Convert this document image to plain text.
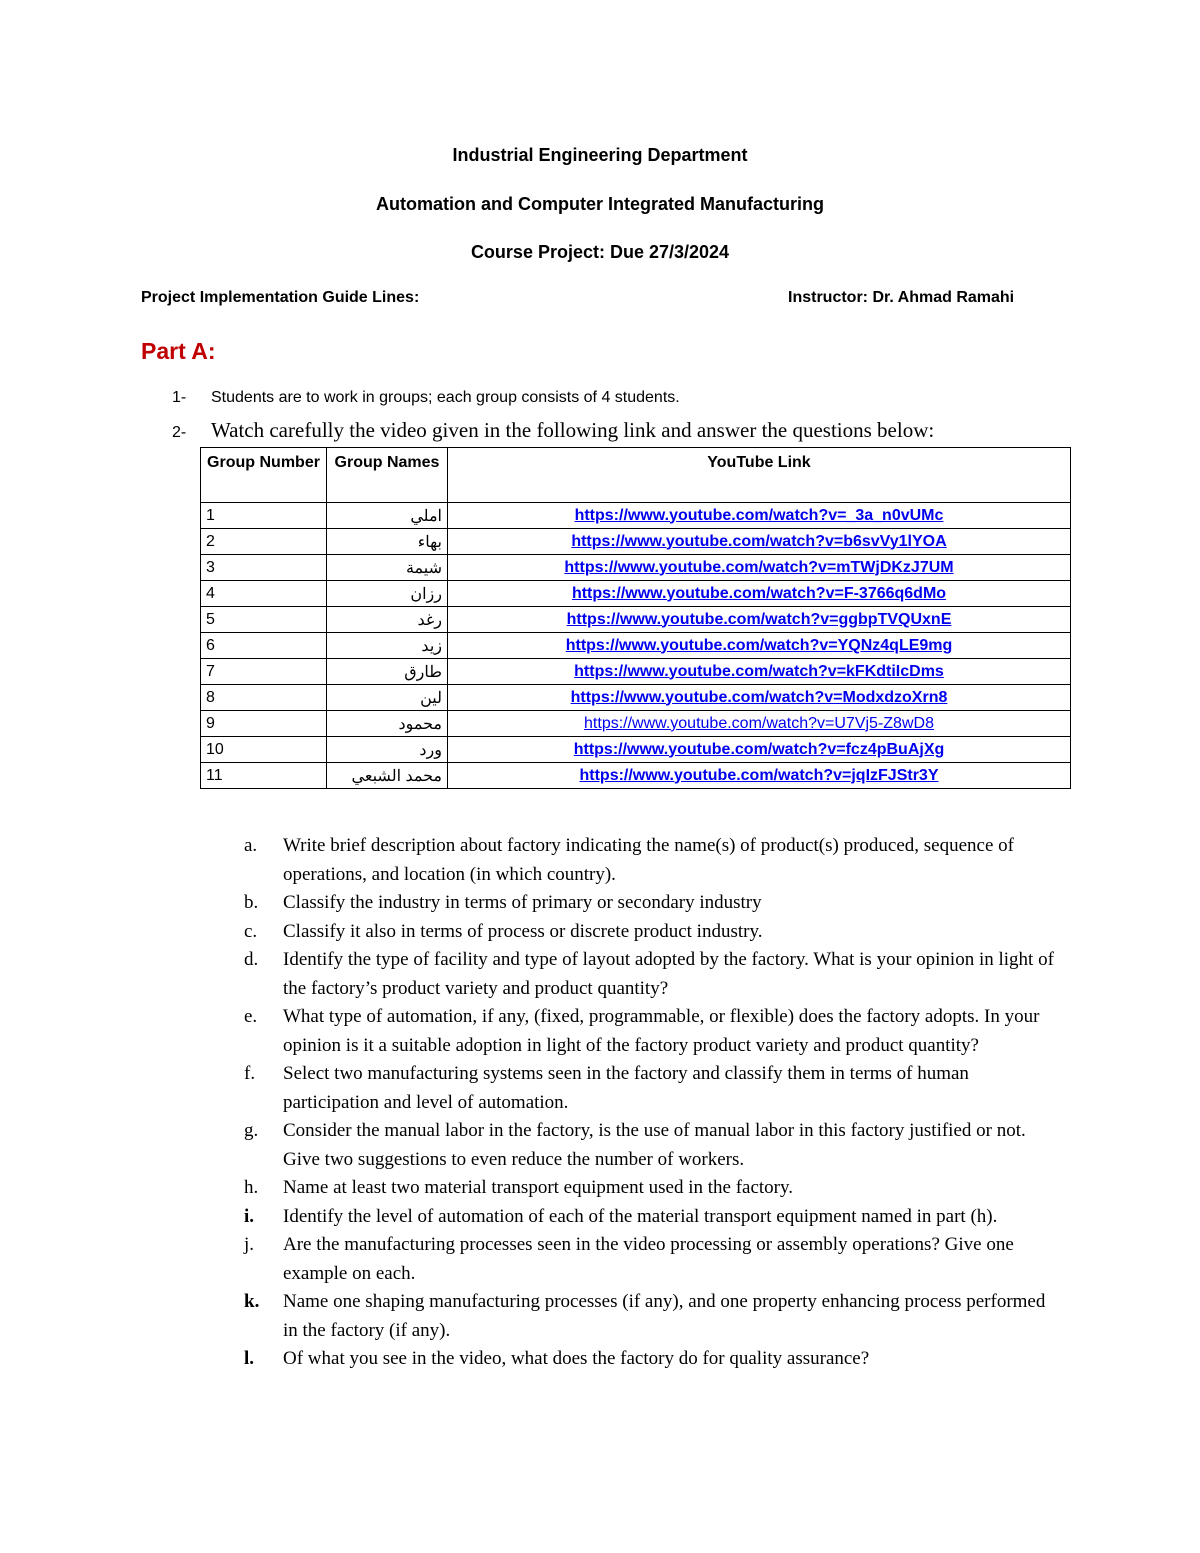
Industrial Engineering Department
Automation and Computer Integrated Manufacturing
Course Project: Due 27/3/2024
Project Implementation Guide Lines:	Instructor: Dr. Ahmad Ramahi
Part A:
1- Students are to work in groups; each group consists of 4 students.
2- Watch carefully the video given in the following link and answer the questions below:
Group Number	Group Names	YouTube Link
1	املي	https://www.youtube.com/watch?v=_3a_n0vUMc
2	بهاء	https://www.youtube.com/watch?v=b6svVy1lYOA
3	شيمة	https://www.youtube.com/watch?v=mTWjDKzJ7UM
4	رزان	https://www.youtube.com/watch?v=F-3766q6dMo
5	رغد	https://www.youtube.com/watch?v=ggbpTVQUxnE
6	زيد	https://www.youtube.com/watch?v=YQNz4qLE9mg
7	طارق	https://www.youtube.com/watch?v=kFKdtiIcDms
8	لين	https://www.youtube.com/watch?v=ModxdzoXrn8
9	محمود	https://www.youtube.com/watch?v=U7Vj5-Z8wD8
10	ورد	https://www.youtube.com/watch?v=fcz4pBuAjXg
11	محمد الشبعي	https://www.youtube.com/watch?v=jqIzFJStr3Y
a.	Write brief description about factory indicating the name(s) of product(s) produced, sequence of operations, and location (in which country).
b.	Classify the industry in terms of primary or secondary industry
c.	Classify it also in terms of process or discrete product industry.
d.	Identify the type of facility and type of layout adopted by the factory. What is your opinion in light of the factory’s product variety and product quantity?
e.	What type of automation, if any, (fixed, programmable, or flexible) does the factory adopts. In your opinion is it a suitable adoption in light of the factory product variety and product quantity?
f.	Select two manufacturing systems seen in the factory and classify them in terms of human participation and level of automation.
g.	Consider the manual labor in the factory, is the use of manual labor in this factory justified or not. Give two suggestions to even reduce the number of workers.
h.	Name at least two material transport equipment used in the factory.
i.	Identify the level of automation of each of the material transport equipment named in part (h).
j.	Are the manufacturing processes seen in the video processing or assembly operations? Give one example on each.
k.	Name one shaping manufacturing processes (if any), and one property enhancing process performed in the factory (if any).
l.	Of what you see in the video, what does the factory do for quality assurance?
